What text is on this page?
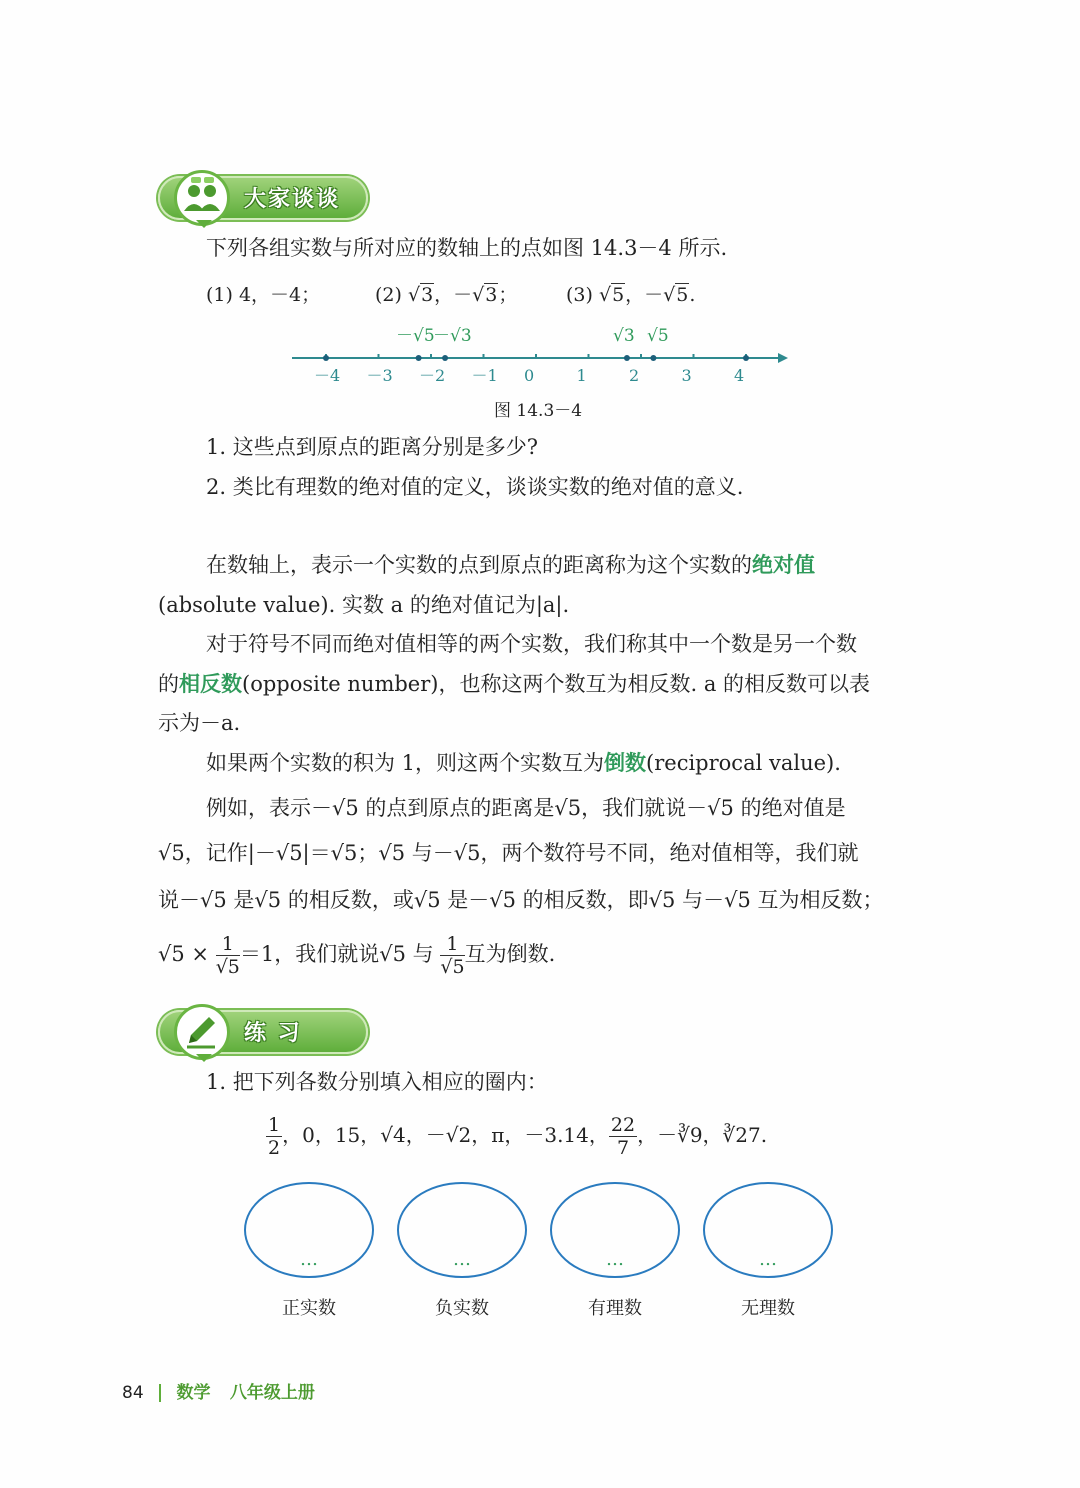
大家谈谈
下列各组实数与所对应的数轴上的点如图 14.3－4 所示.
(1) 4，－4；	(2) √3，－√3；	(3) √5，－√5.
－√5
－√3	√3 √5
－4 －3 －2 －1 0	1	2	3	4
图 14.3－4
1. 这些点到原点的距离分别是多少?
2. 类比有理数的绝对值的定义，谈谈实数的绝对值的意义.
在数轴上，表示一个实数的点到原点的距离称为这个实数的绝对值
(absolute value). 实数 a 的绝对值记为|a|.
对于符号不同而绝对值相等的两个实数，我们称其中一个数是另一个数
的相反数(opposite number)，也称这两个数互为相反数. a 的相反数可以表
示为－a.
如果两个实数的积为 1，则这两个实数互为倒数(reciprocal value).
例如，表示－√5 的点到原点的距离是√5，我们就说－√5 的绝对值是
√5，记作|－√5|＝√5；√5 与－√5，两个数符号不同，绝对值相等，我们就
说－√5 是√5 的相反数，或√5 是－√5 的相反数，即√5 与－√5 互为相反数；
$√5 \times \frac{1}{√5} =1$，我们就说√5 与 $\frac{1}{√5}$ 互为倒数.
练 习
1. 把下列各数分别填入相应的圈内：
$\frac{1}{2}$ ，0，15，√4，－√2，π，－3.14， $\frac{22}{7}$ ，－∛9，∛27.
…	…	…	…
正实数	负实数	有理数	无理数
84 数学 八年级上册
